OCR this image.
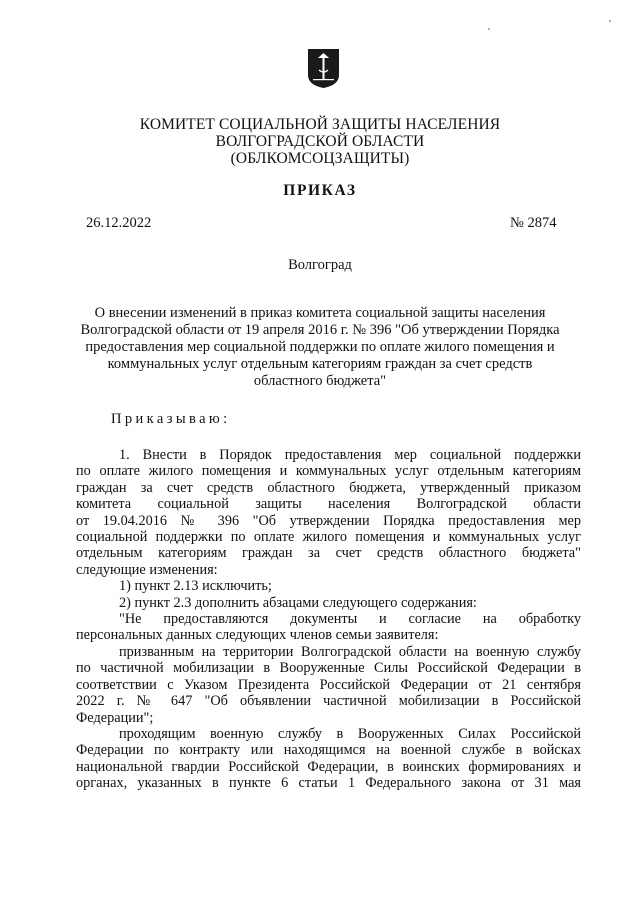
КОМИТЕТ СОЦИАЛЬНОЙ ЗАЩИТЫ НАСЕЛЕНИЯ
ВОЛГОГРАДСКОЙ ОБЛАСТИ
(ОБЛКОМСОЦЗАЩИТЫ)
ПРИКАЗ
26.12.2022	№ 2874
Волгоград
О внесении изменений в приказ комитета социальной защиты населения
Волгоградской области от 19 апреля 2016 г. № 396 "Об утверждении Порядка
предоставления мер социальной поддержки по оплате жилого помещения и
коммунальных услуг отдельным категориям граждан за счет средств
областного бюджета"
Приказываю:

1. Внести в Порядок предоставления мер социальной поддержки

по оплате жилого помещения и коммунальных услуг отдельным категориям

граждан за счет средств областного бюджета, утвержденный приказом

комитета социальной защиты населения Волгоградской области

от 19.04.2016 № 396 "Об утверждении Порядка предоставления мер

социальной поддержки по оплате жилого помещения и коммунальных услуг

отдельным категориям граждан за счет средств областного бюджета"

следующие изменения:

1) пункт 2.13 исключить;

2) пункт 2.3 дополнить абзацами следующего содержания:

"Не предоставляются документы и согласие на обработку

персональных данных следующих членов семьи заявителя:

призванным на территории Волгоградской области на военную службу

по частичной мобилизации в Вооруженные Силы Российской Федерации в

соответствии с Указом Президента Российской Федерации от 21 сентября

2022 г. № 647 "Об объявлении частичной мобилизации в Российской

Федерации";

проходящим военную службу в Вооруженных Силах Российской

Федерации по контракту или находящимся на военной службе в войсках

национальной гвардии Российской Федерации, в воинских формированиях и

органах, указанных в пункте 6 статьи 1 Федерального закона от 31 мая
